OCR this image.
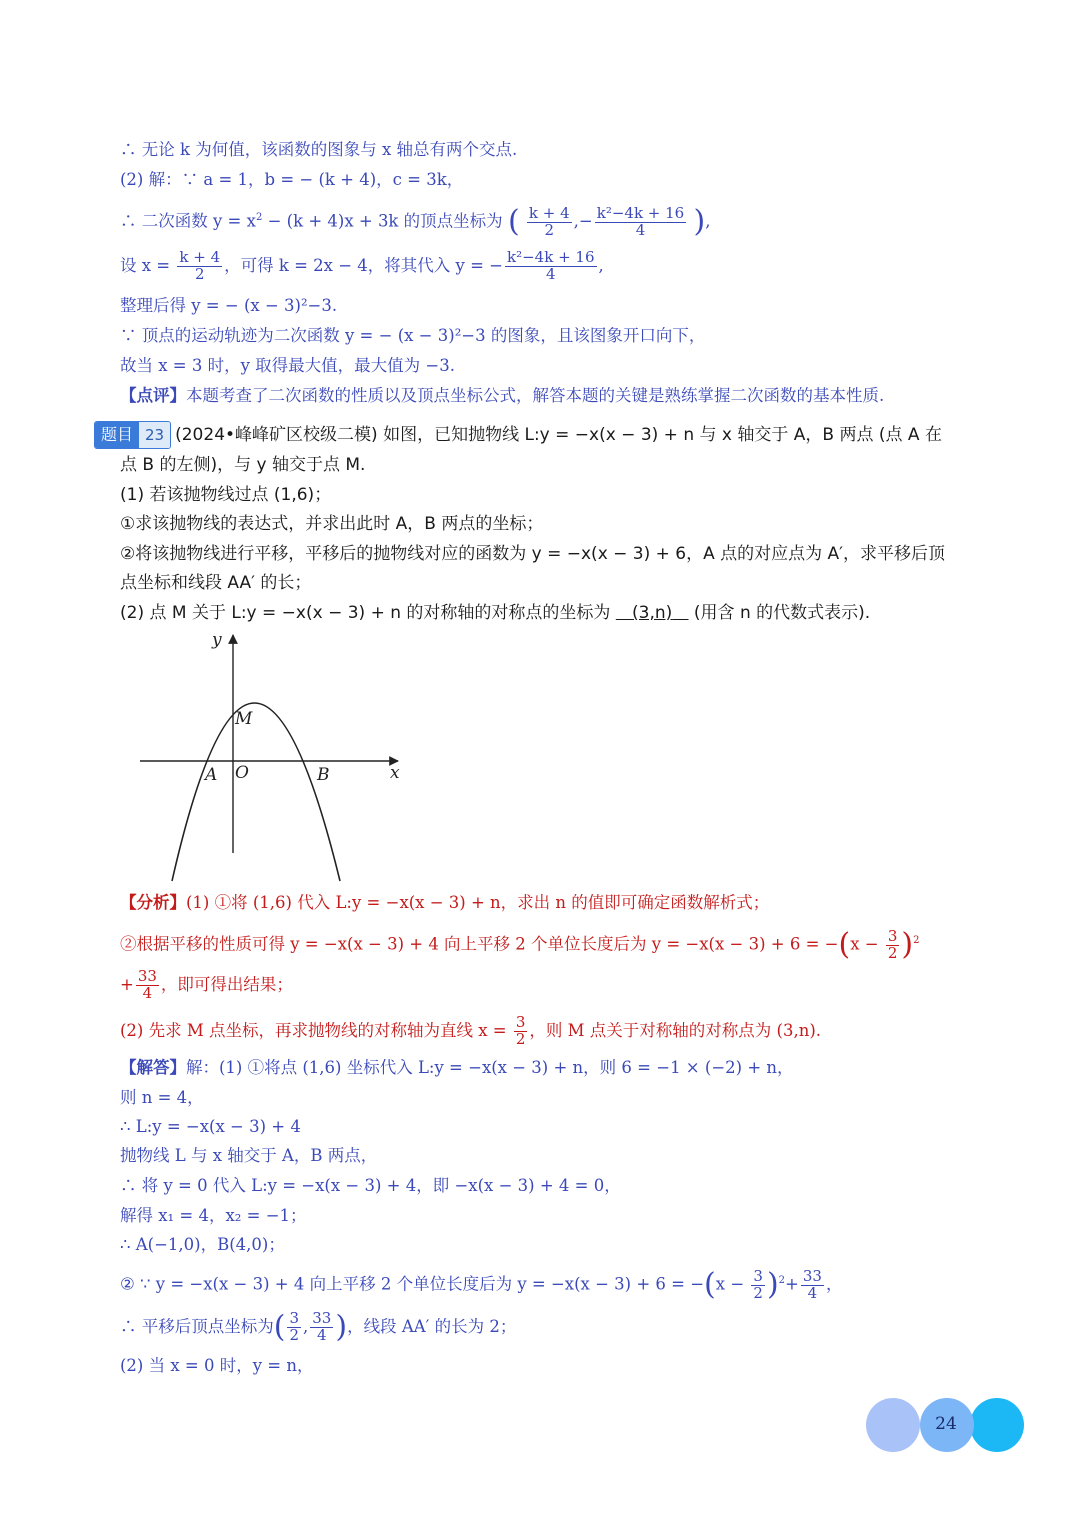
∴ 无论 k 为何值，该函数的图象与 x 轴总有两个交点.
(2) 解：∵ a = 1，b = − (k + 4)，c = 3k，
∴ 二次函数 $y = x^2 - (k + 4)x + 3k$ 的顶点坐标为 ( $\frac{k + 4}{2}$ ,− $\frac{\text{k²−4k + 16}}{4}$ ),
设 $x = \frac{k + 4}{2}$ ，可得 k = 2x − 4，将其代入 y = − $\frac{\text{k²−4k + 16}}{4}$ ,
整理后得 y = − (x − 3)²−3.
∵ 顶点的运动轨迹为二次函数 y = − (x − 3)²−3 的图象，且该图象开口向下，
故当 x = 3 时，y 取得最大值，最大值为 −3.
【点评】本题考查了二次函数的性质以及顶点坐标公式，解答本题的关键是熟练掌握二次函数的基本性质.
题目 23 (2024•峰峰矿区校级二模) 如图，已知抛物线 L:y = −x(x − 3) + n 与 x 轴交于 A，B 两点 (点 A 在
点 B 的左侧)，与 y 轴交于点 M.
(1) 若该抛物线过点 (1,6)；
①求该抛物线的表达式，并求出此时 A，B 两点的坐标；
②将该抛物线进行平移，平移后的抛物线对应的函数为 y = −x(x − 3) + 6，A 点的对应点为 A′，求平移后顶
点坐标和线段 AA′ 的长；
(2) 点 M 关于 L:y = −x(x − 3) + n 的对称轴的对称点的坐标为 (3,n) (用含 n 的代数式表示).
y
x
M
A O	B
【分析】(1) ①将 (1,6) 代入 L:y = −x(x − 3) + n，求出 n 的值即可确定函数解析式；
②根据平移的性质可得 y = −x(x − 3) + 4 向上平移 2 个单位长度后为 $y = -x(x - 3) + 6 = -(x - \frac{3}{2} )^2$
+ $\frac{33}{4}$ ，即可得出结果；
(2) 先求 M 点坐标，再求抛物线的对称轴为直线 $x = \frac{3}{2}$ ，则 M 点关于对称轴的对称点为 (3,n).
【解答】解：(1) ①将点 (1,6) 坐标代入 L:y = −x(x − 3) + n，则 6 = −1 × (−2) + n，
则 n = 4，
∴ L:y = −x(x − 3) + 4
抛物线 L 与 x 轴交于 A，B 两点，
∴ 将 y = 0 代入 L:y = −x(x − 3) + 4，即 −x(x − 3) + 4 = 0，
解得 x₁ = 4，x₂ = −1；
∴ A(−1,0)，B(4,0)；
② ∵ y = −x(x − 3) + 4 向上平移 2 个单位长度后为 $y = -x(x - 3) + 6 = -(x - \frac{3}{2} )^2+ \frac{33}{4}$ ，
∴ 平移后顶点坐标为( $\frac{3}{2}$ , $\frac{33}{4}$ )，线段 AA′ 的长为 2；
(2) 当 x = 0 时，y = n，
24
